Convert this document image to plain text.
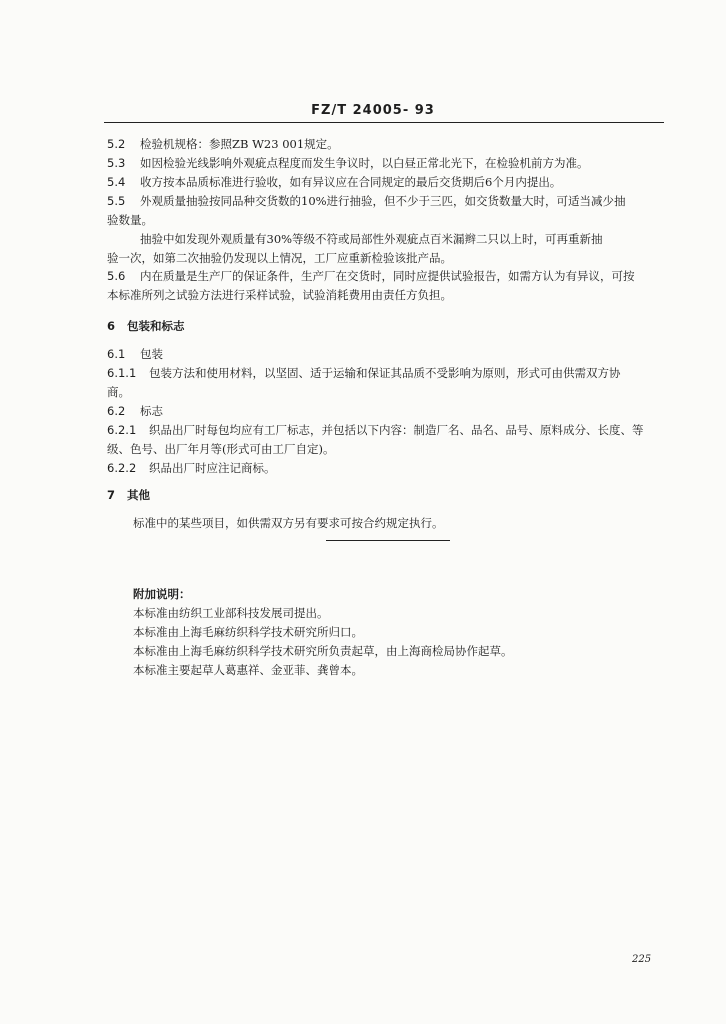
FZ/T 24005- 93
5.2 检验机规格：参照ZB W23 001规定。
5.3 如因检验光线影响外观疵点程度而发生争议时，以白昼正常北光下，在检验机前方为准。
5.4 收方按本品质标准进行验收，如有异议应在合同规定的最后交货期后6个月内提出。
5.5 外观质量抽验按同品种交货数的10%进行抽验，但不少于三匹，如交货数量大时，可适当减少抽
验数量。
抽验中如发现外观质量有30%等级不符或局部性外观疵点百米漏辫二只以上时，可再重新抽
验一次，如第二次抽验仍发现以上情况，工厂应重新检验该批产品。
5.6 内在质量是生产厂的保证条件，生产厂在交货时，同时应提供试验报告，如需方认为有异议，可按
本标准所列之试验方法进行采样试验，试验消耗费用由责任方负担。
6 包装和标志
6.1 包装
6.1.1 包装方法和使用材料，以坚固、适于运输和保证其品质不受影响为原则，形式可由供需双方协
商。
6.2 标志
6.2.1 织品出厂时每包均应有工厂标志，并包括以下内容：制造厂名、品名、品号、原料成分、长度、等
级、色号、出厂年月等(形式可由工厂自定)。
6.2.2 织品出厂时应注记商标。
7 其他
标准中的某些项目，如供需双方另有要求可按合约规定执行。
附加说明：
本标准由纺织工业部科技发展司提出。
本标准由上海毛麻纺织科学技术研究所归口。
本标准由上海毛麻纺织科学技术研究所负责起草，由上海商检局协作起草。
本标准主要起草人葛惠祥、金亚菲、龚曾本。
225
